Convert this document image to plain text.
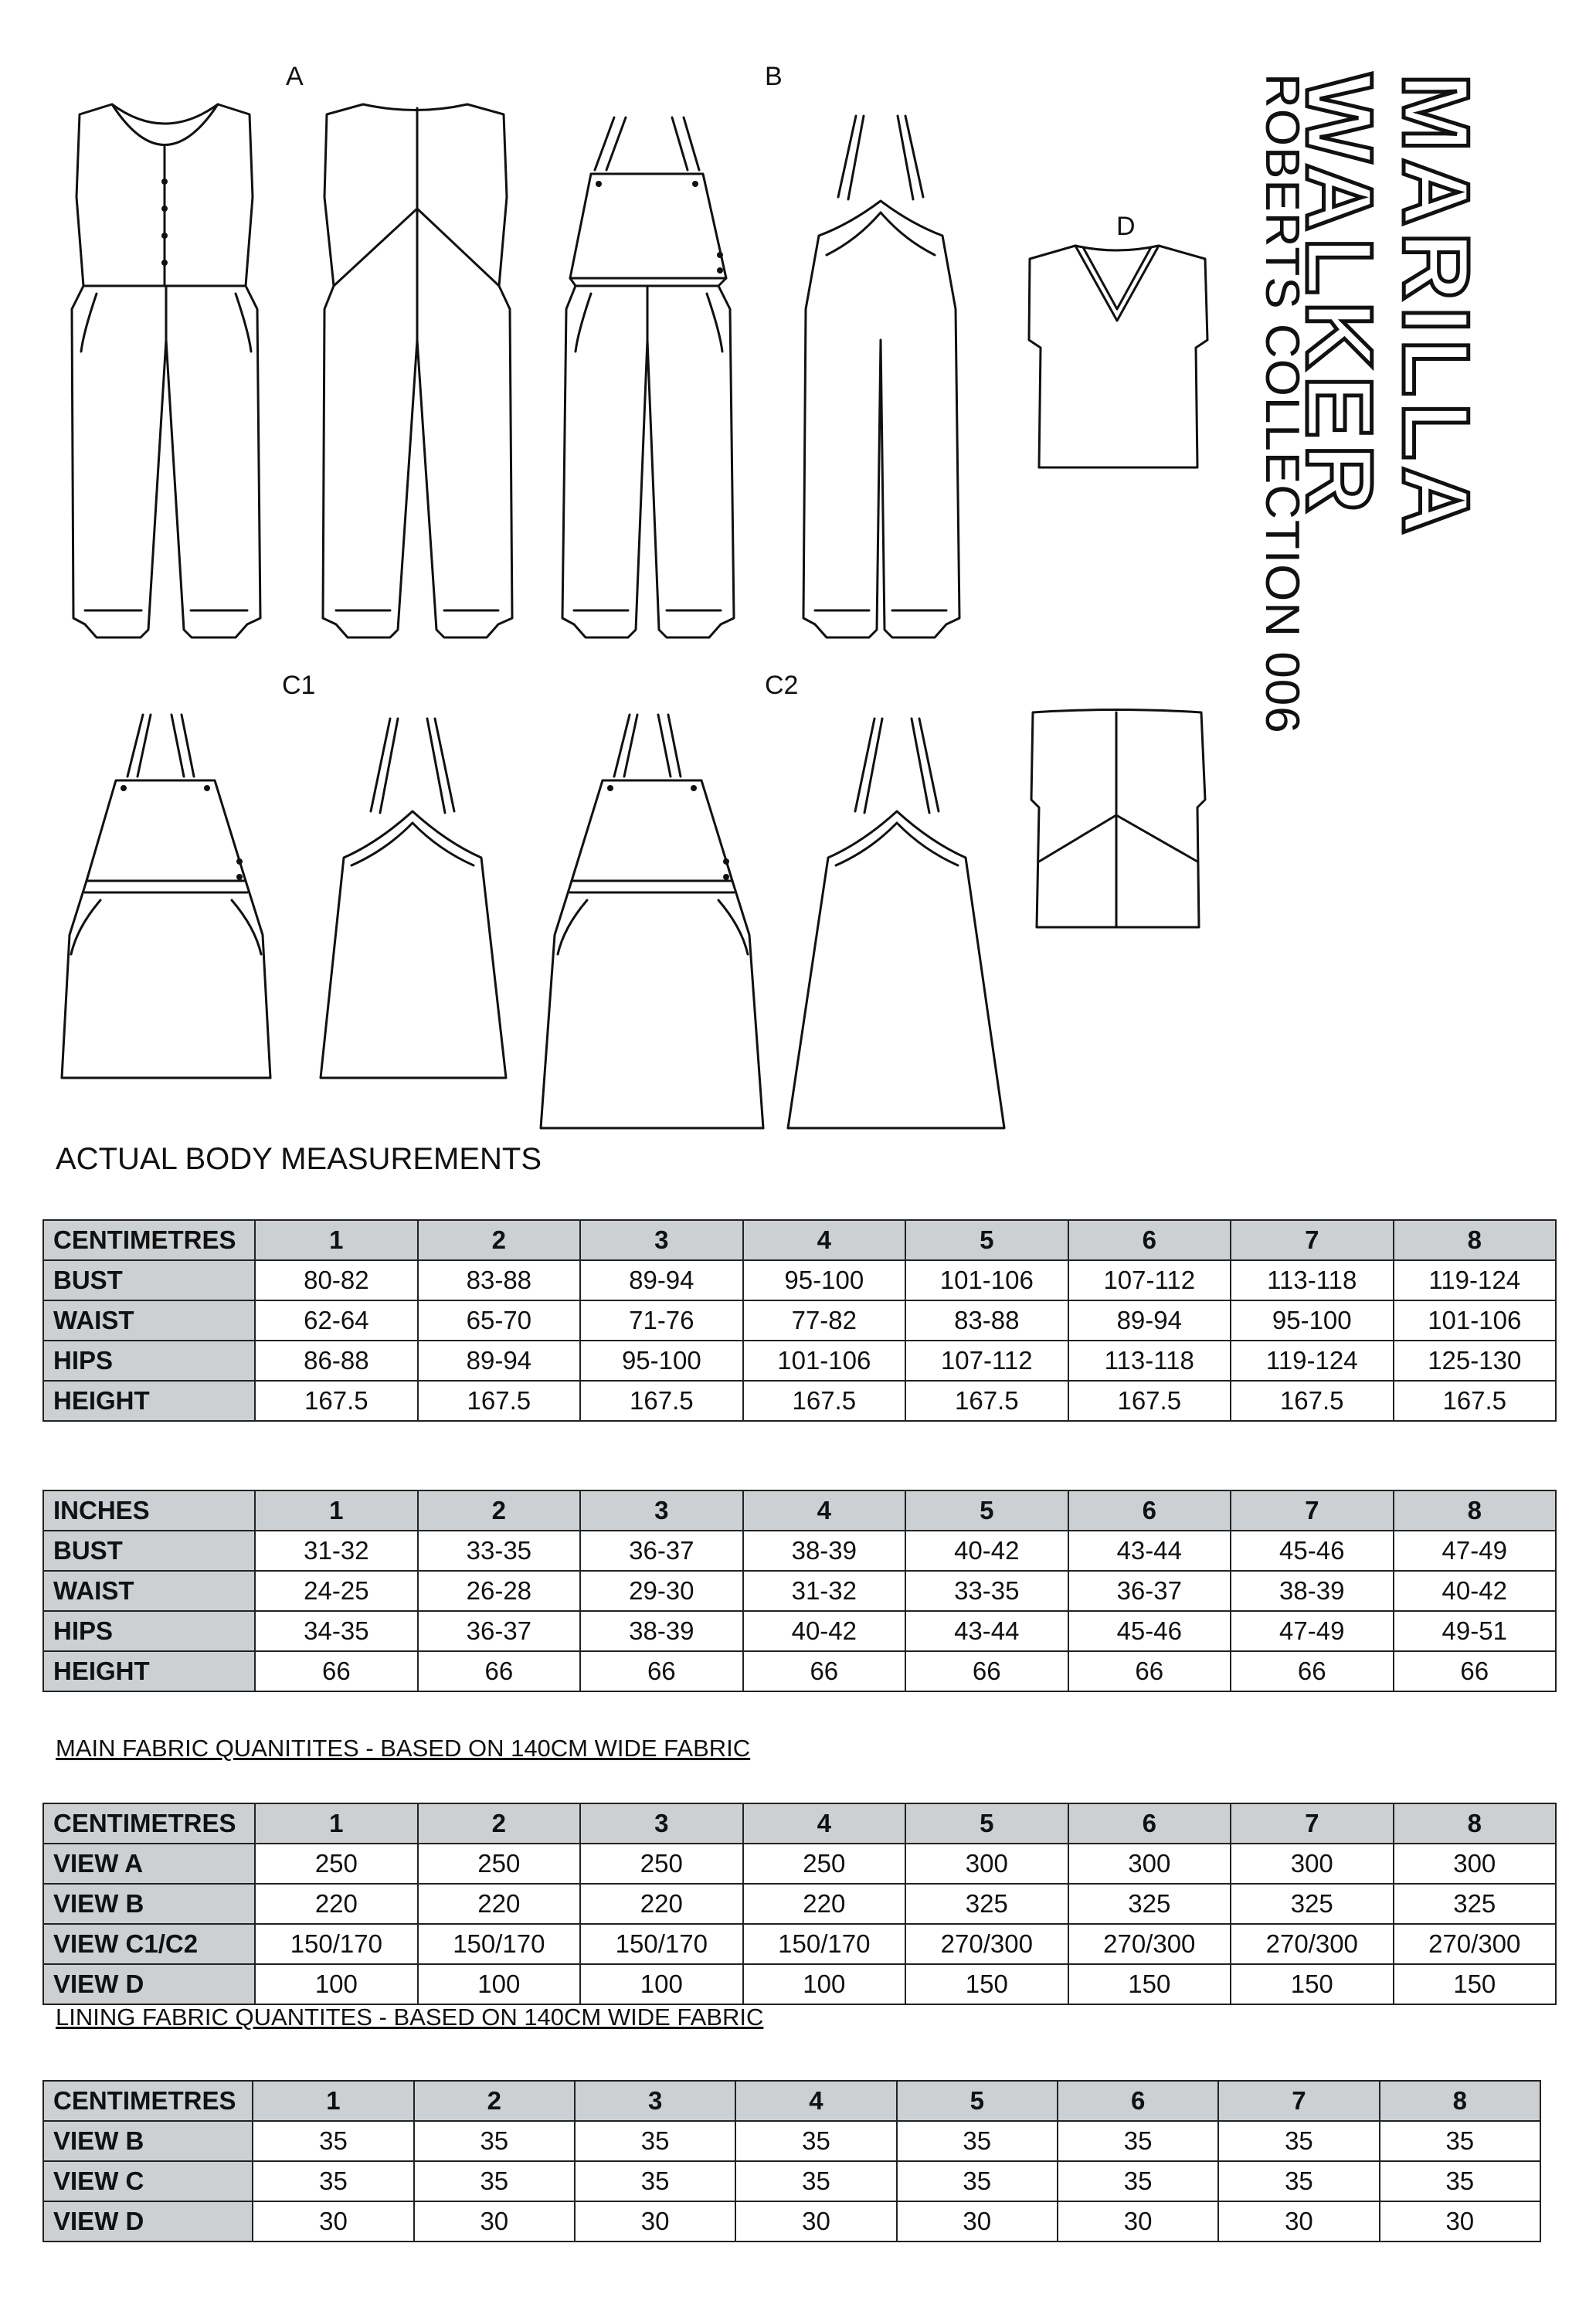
A	B
D
C1	C2
MARILLA
WALKER
ROBERTS COLLECTION 006
ACTUAL BODY MEASUREMENTS
CENTIMETRES	1	2	3	4	5	6	7	8
BUST	80-82	83-88	89-94	95-100	101-106	107-112	113-118	119-124
WAIST	62-64	65-70	71-76	77-82	83-88	89-94	95-100	101-106
HIPS	86-88	89-94	95-100	101-106	107-112	113-118	119-124	125-130
HEIGHT	167.5	167.5	167.5	167.5	167.5	167.5	167.5	167.5
INCHES	1	2	3	4	5	6	7	8
BUST	31-32	33-35	36-37	38-39	40-42	43-44	45-46	47-49
WAIST	24-25	26-28	29-30	31-32	33-35	36-37	38-39	40-42
HIPS	34-35	36-37	38-39	40-42	43-44	45-46	47-49	49-51
HEIGHT	66	66	66	66	66	66	66	66
MAIN FABRIC QUANITITES - BASED ON 140CM WIDE FABRIC
CENTIMETRES	1	2	3	4	5	6	7	8
VIEW A	250	250	250	250	300	300	300	300
VIEW B	220	220	220	220	325	325	325	325
VIEW C1/C2	150/170	150/170	150/170	150/170	270/300	270/300	270/300	270/300
VIEW D	100	100	100	100	150	150	150	150
LINING FABRIC QUANTITES - BASED ON 140CM WIDE FABRIC
CENTIMETRES	1	2	3	4	5	6	7	8
VIEW B	35	35	35	35	35	35	35	35
VIEW C	35	35	35	35	35	35	35	35
VIEW D	30	30	30	30	30	30	30	30
